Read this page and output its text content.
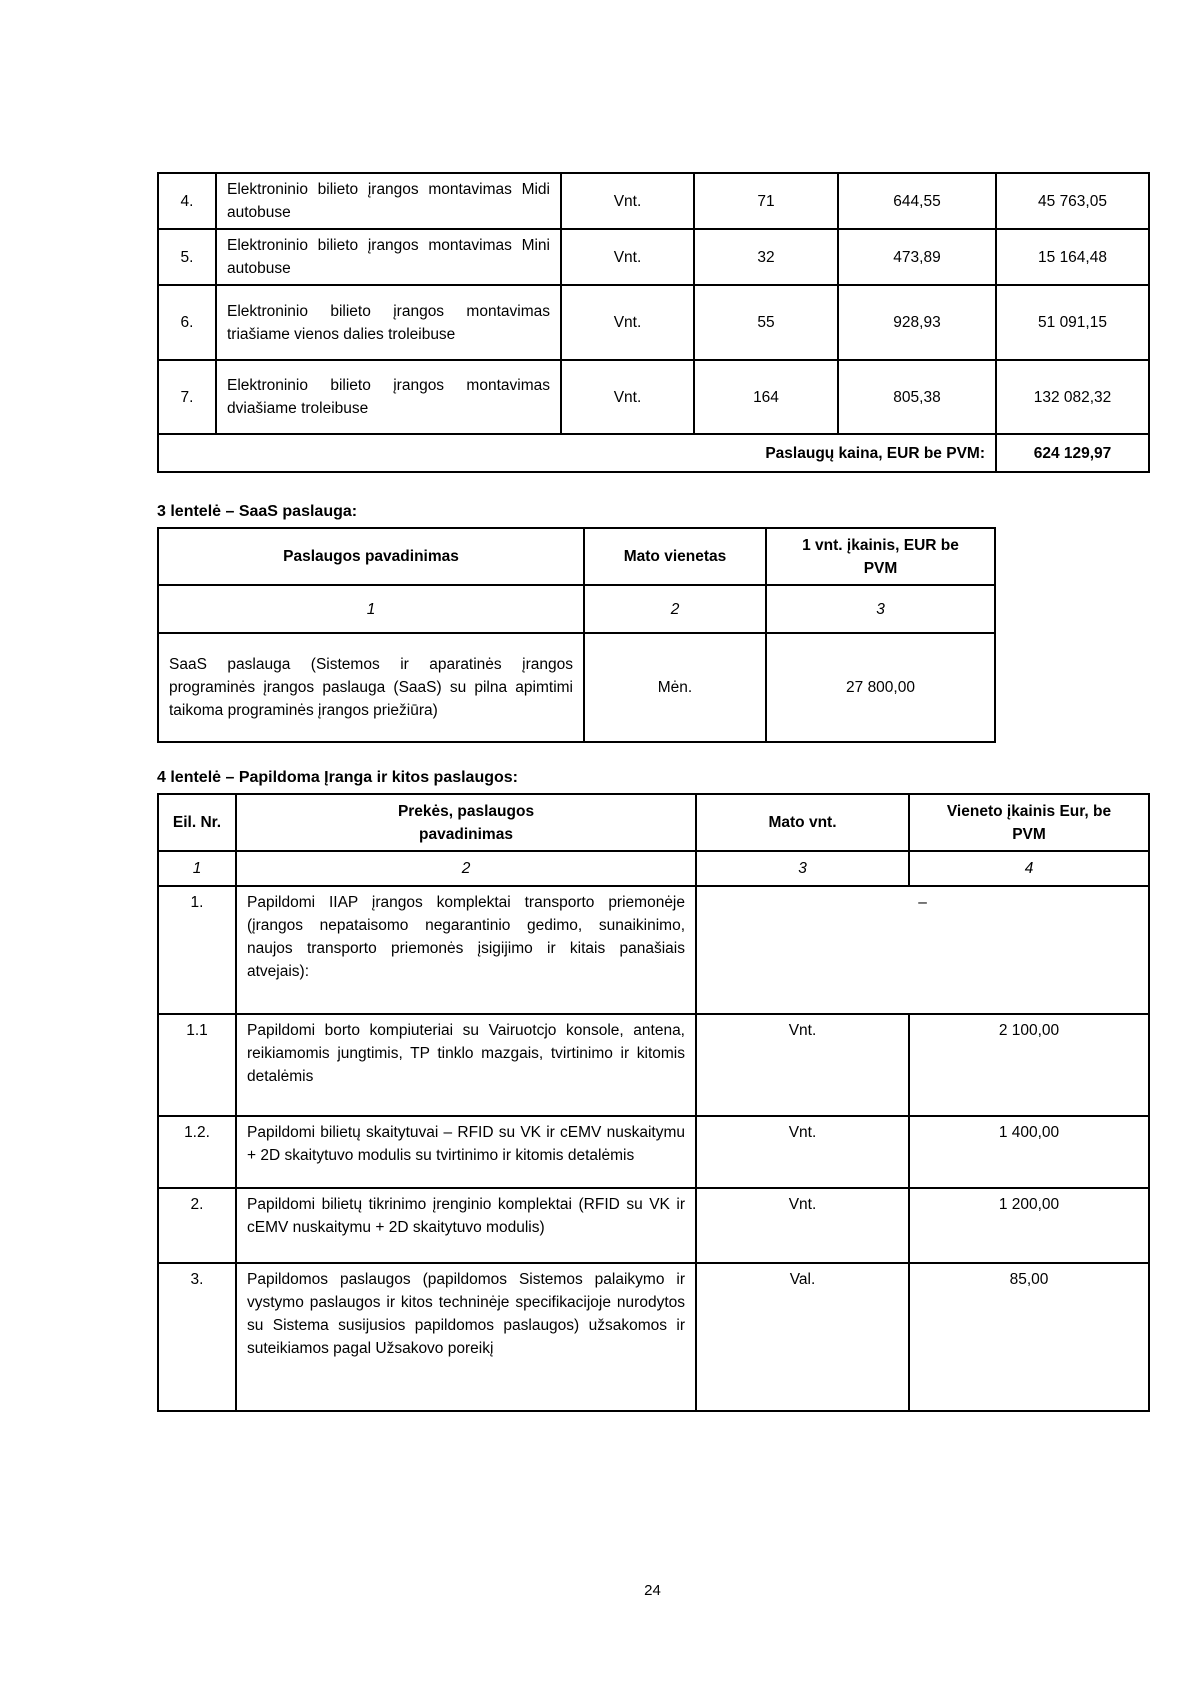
4.	Elektroninio bilieto įrangos montavimas Midi autobuse	Vnt.	71	644,55	45 763,05
5.	Elektroninio bilieto įrangos montavimas Mini autobuse	Vnt.	32	473,89	15 164,48
6.	Elektroninio bilieto įrangos montavimas triašiame vienos dalies troleibuse	Vnt.	55	928,93	51 091,15
7.	Elektroninio bilieto įrangos montavimas dviašiame troleibuse	Vnt.	164	805,38	132 082,32
Paslaugų kaina, EUR be PVM:					624 129,97

3 lentelė – SaaS paslauga:

Paslaugos pavadinimas	Mato vienetas	1 vnt. įkainis, EUR be PVM
1	2	3
SaaS paslauga (Sistemos ir aparatinės įrangos programinės įrangos paslauga (SaaS) su pilna apimtimi taikoma programinės įrangos priežiūra)	Mėn.	27 800,00

4 lentelė – Papildoma Įranga ir kitos paslaugos:

Eil. Nr.	Prekės, paslaugos pavadinimas	Mato vnt.	Vieneto įkainis Eur, be PVM
1	2	3	4
1.	Papildomi IIAP įrangos komplektai transporto priemonėje (įrangos nepataisomo negarantinio gedimo, sunaikinimo, naujos transporto priemonės įsigijimo ir kitais panašiais atvejais):	–	
1.1	Papildomi borto kompiuteriai su Vairuotcjo konsole, antena, reikiamomis jungtimis, TP tinklo mazgais, tvirtinimo ir kitomis detalėmis	Vnt.	2 100,00
1.2.	Papildomi bilietų skaitytuvai – RFID su VK ir cEMV nuskaitymu + 2D skaitytuvo modulis su tvirtinimo ir kitomis detalėmis	Vnt.	1 400,00
2.	Papildomi bilietų tikrinimo įrenginio komplektai (RFID su VK ir cEMV nuskaitymu + 2D skaitytuvo modulis)	Vnt.	1 200,00
3.	Papildomos paslaugos (papildomos Sistemos palaikymo ir vystymo paslaugos ir kitos techninėje specifikacijoje nurodytos su Sistema susijusios papildomos paslaugos) užsakomos ir suteikiamos pagal Užsakovo poreikį	Val.	85,00
24
